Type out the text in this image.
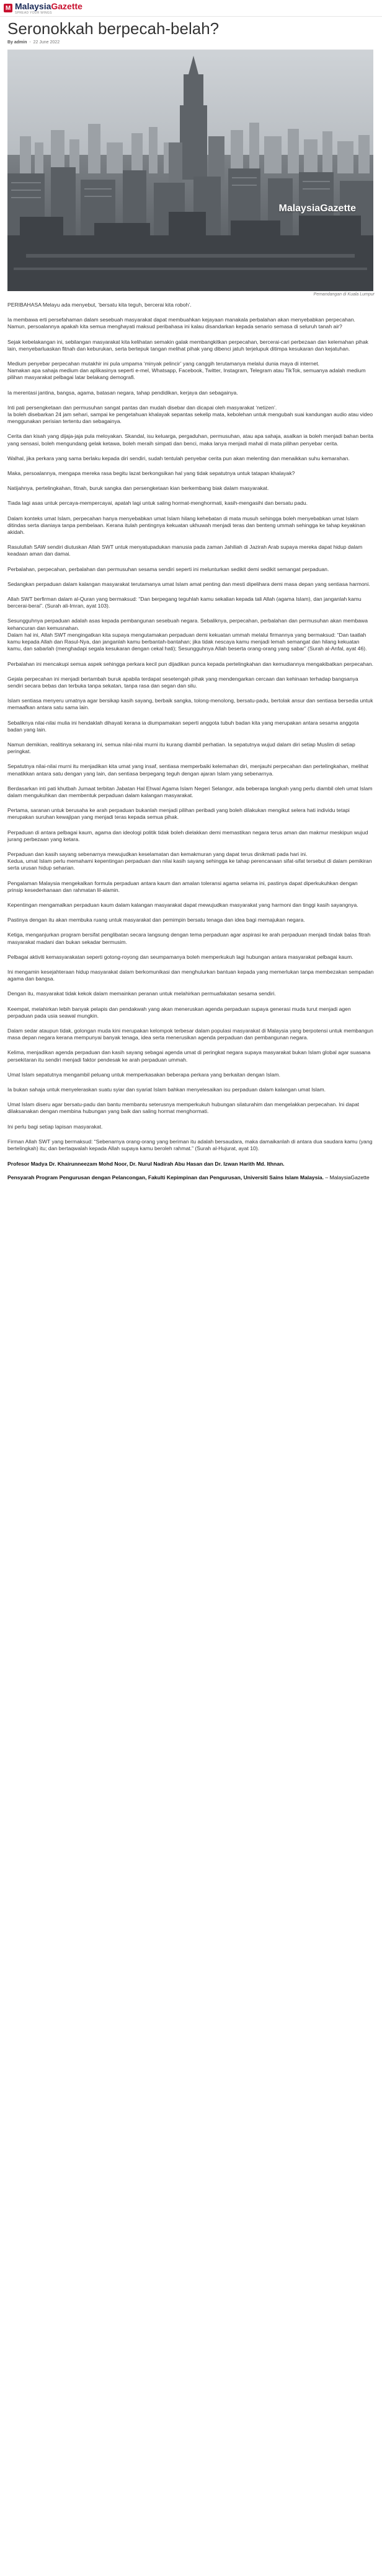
M MalaysiaGazette
SPREAD YOUR WINGS
Seronokkah berpecah-belah?
By admin  -  22 June 2022
MalaysiaGazette
Pemandangan di Kuala Lumpur

PERIBAHASA Melayu ada menyebut, ‘bersatu kita teguh, bercerai kita roboh’.

Ia membawa erti persefahaman dalam sesebuah masyarakat dapat membuahkan kejayaan manakala perbalahan akan menyebabkan perpecahan.
Namun, persoalannya apakah kita semua menghayati maksud peribahasa ini kalau disandarkan kepada senario semasa di seluruh tanah air?

Sejak kebelakangan ini, sebilangan masyarakat kita kelihatan semakin galak membangkitkan perpecahan, bercerai-cari perbezaan dan kelemahan pihak lain, menyebarluaskan fitnah dan keburukan, serta bertepuk tangan melihat pihak yang dibenci jatuh terjelupuk ditimpa kesukaran dan kejatuhan.

Medium penyebar perpecahan mutakhir ini pula umpama ‘minyak pelincir’ yang canggih terutamanya melalui dunia maya di internet.
Namakan apa sahaja medium dan aplikasinya seperti e-mel, Whatsapp, Facebook, Twitter, Instagram, Telegram atau TikTok, semuanya adalah medium pilihan masyarakat pelbagai latar belakang demografi.

Ia merentasi jantina, bangsa, agama, batasan negara, tahap pendidikan, kerjaya dan sebagainya.

Inti pati persengketaan dan permusuhan sangat pantas dan mudah disebar dan dicapai oleh masyarakat ‘netizen’.
Ia boleh disebarkan 24 jam sehari, sampai ke pengetahuan khalayak sepantas sekelip mata, kebolehan untuk mengubah suai kandungan audio atau video menggunakan perisian tertentu dan sebagainya.

Cerita dan kisah yang dijaja-jaja pula meloyakan. Skandal, isu keluarga, pergaduhan, permusuhan, atau apa sahaja, asalkan ia boleh menjadi bahan berita yang sensasi, boleh mengundang gelak ketawa, boleh meraih simpati dan benci, maka lanya menjadi mahal di mata pilihan penyebar cerita.

Walhal, jika perkara yang sama berlaku kepada diri sendiri, sudah tentulah penyebar cerita pun akan melenting dan menaikkan suhu kemarahan.

Maka, persoalannya, mengapa mereka rasa begitu lazat berkongsikan hal yang tidak sepatutnya untuk tatapan khalayak?

Natijahnya, pertelingkahan, fitnah, buruk sangka dan persengketaan kian berkembang biak dalam masyarakat.

Tiada lagi asas untuk percaya-mempercayai, apatah lagi untuk saling hormat-menghormati, kasih-mengasihi dan bersatu padu.

Dalam konteks umat Islam, perpecahan hanya menyebabkan umat Islam hilang kehebatan di mata musuh sehingga boleh menyebabkan umat Islam ditindas serta dianiaya tanpa pembelaan. Kerana itulah pentingnya kekuatan ukhuwah menjadi teras dan benteng ummah sehingga ke tahap keyakinan akidah.

Rasulullah SAW sendiri diutuskan Allah SWT untuk menyatupadukan manusia pada zaman Jahiliah di Jazirah Arab supaya mereka dapat hidup dalam keadaan aman dan damai.

Perbalahan, perpecahan, perbalahan dan permusuhan sesama sendiri seperti ini melunturkan sedikit demi sedikit semangat perpaduan.

Sedangkan perpaduan dalam kalangan masyarakat terutamanya umat Islam amat penting dan mesti dipelihara demi masa depan yang sentiasa harmoni.

Allah SWT berfirman dalam al-Quran yang bermaksud: “Dan berpegang teguhlah kamu sekalian kepada tali Allah (agama Islam), dan janganlah kamu bercerai-berai”. (Surah ali-Imran, ayat 103).

Sesungguhnya perpaduan adalah asas kepada pembangunan sesebuah negara. Sebaliknya, perpecahan, perbalahan dan permusuhan akan membawa kehancuran dan kemusnahan.
Dalam hal ini, Allah SWT mengingatkan kita supaya mengutamakan perpaduan demi kekuatan ummah melalui firmannya yang bermaksud: “Dan taatlah kamu kepada Allah dan Rasul-Nya, dan janganlah kamu berbantah-bantahan; jika tidak nescaya kamu menjadi lemah semangat dan hilang kekuatan kamu, dan sabarlah (menghadapi segala kesukaran dengan cekal hati); Sesungguhnya Allah beserta orang-orang yang sabar” (Surah al-Anfal, ayat 46).

Perbalahan ini mencakupi semua aspek sehingga perkara kecil pun dijadikan punca kepada pertelingkahan dan kemudiannya mengakibatkan perpecahan.

Gejala perpecahan ini menjadi bertambah buruk apabila terdapat sesetengah pihak yang mendengarkan cercaan dan kehinaan terhadap bangsanya sendiri secara bebas dan terbuka tanpa sekatan, tanpa rasa dan segan dan silu.

Islam sentiasa menyeru umatnya agar bersikap kasih sayang, berbaik sangka, tolong-menolong, bersatu-padu, bertolak ansur dan sentiasa bersedia untuk memaafkan antara satu sama lain.

Sebaliknya nilai-nilai mulia ini hendaklah dihayati kerana ia diumpamakan seperti anggota tubuh badan kita yang merupakan antara sesama anggota badan yang lain.

Namun demikian, realitinya sekarang ini, semua nilai-nilai murni itu kurang diambil perhatian. Ia sepatutnya wujud dalam diri setiap Muslim di setiap peringkat.

Sepatutnya nilai-nilai murni itu menjadikan kita umat yang insaf, sentiasa memperbaiki kelemahan diri, menjauhi perpecahan dan pertelingkahan, melihat menatikkan antara satu dengan yang lain, dan sentiasa berpegang teguh dengan ajaran Islam yang sebenarnya.

Berdasarkan inti pati khutbah Jumaat terbitan Jabatan Hal Ehwal Agama Islam Negeri Selangor, ada beberapa langkah yang perlu diambil oleh umat Islam dalam mengukuhkan dan membentuk perpaduan dalam kalangan masyarakat.

Pertama, saranan untuk berusaha ke arah perpaduan bukanlah menjadi pilihan peribadi yang boleh dilakukan mengikut selera hati individu tetapi merupakan suruhan kewajipan yang menjadi teras kepada semua pihak.

Perpaduan di antara pelbagai kaum, agama dan ideologi politik tidak boleh dielakkan demi memastikan negara terus aman dan makmur meskipun wujud jurang perbezaan yang ketara.

Perpaduan dan kasih sayang sebenarnya mewujudkan keselamatan dan kemakmuran yang dapat terus dinikmati pada hari ini.
Kedua, umat Islam perlu memahami kepentingan perpaduan dan nilai kasih sayang sehingga ke tahap perencanaan sifat-sifat tersebut di dalam pemikiran serta urusan hidup seharian.

Pengalaman Malaysia mengekalkan formula perpaduan antara kaum dan amalan toleransi agama selama ini, pastinya dapat diperkukuhkan dengan prinsip kesederhanaan dan rahmatan lil-alamin.

Kepentingan mengamalkan perpaduan kaum dalam kalangan masyarakat dapat mewujudkan masyarakat yang harmoni dan tinggi kasih sayangnya.

Pastinya dengan itu akan membuka ruang untuk masyarakat dan pemimpin bersatu tenaga dan idea bagi memajukan negara.

Ketiga, menganjurkan program bersifat penglibatan secara langsung dengan tema perpaduan agar aspirasi ke arah perpaduan menjadi tindak balas fitrah masyarakat madani dan bukan sekadar bermusim.

Pelbagai aktiviti kemasyarakatan seperti gotong-royong dan seumpamanya boleh memperkukuh lagi hubungan antara masyarakat pelbagai kaum.

Ini mengamin kesejahteraan hidup masyarakat dalam berkomunikasi dan menghulurkan bantuan kepada yang memerlukan tanpa membezakan sempadan agama dan bangsa.

Dengan itu, masyarakat tidak kekok dalam memainkan peranan untuk melahirkan permuafakatan sesama sendiri.

Keempat, melahirkan lebih banyak pelapis dan pendakwah yang akan meneruskan agenda perpaduan supaya generasi muda turut menjadi agen perpaduan pada usia seawal mungkin.

Dalam sedar ataupun tidak, golongan muda kini merupakan kelompok terbesar dalam populasi masyarakat di Malaysia yang berpotensi untuk membangun masa depan negara kerana mempunyai banyak tenaga, idea serta menerusikan agenda perpaduan dan pembangunan negara.

Kelima, menjadikan agenda perpaduan dan kasih sayang sebagai agenda umat di peringkat negara supaya masyarakat bukan Islam global agar suasana persekitaran itu sendiri menjadi faktor pendesak ke arah perpaduan ummah.

Umat Islam sepatutnya mengambil peluang untuk memperkasakan beberapa perkara yang berkaitan dengan Islam.

Ia bukan sahaja untuk menyeleraskan suatu syiar dan syariat Islam bahkan menyelesaikan isu perpaduan dalam kalangan umat Islam.

Umat Islam diseru agar bersatu-padu dan bantu membantu seterusnya memperkukuh hubungan silaturahim dan mengelakkan perpecahan. Ini dapat dilaksanakan dengan membina hubungan yang baik dan saling hormat menghormati.

Ini perlu bagi setiap lapisan masyarakat.

Firman Allah SWT yang bermaksud: “Sebenarnya orang-orang yang beriman itu adalah bersaudara, maka damaikanlah di antara dua saudara kamu (yang bertelingkah) itu; dan bertaqwalah kepada Allah supaya kamu beroleh rahmat.” (Surah al-Hujurat, ayat 10).

Profesor Madya Dr. Khairunneezam Mohd Noor, Dr. Nurul Nadirah Abu Hasan dan Dr. Izwan Harith Md. Ithnan.
Pensyarah Program Pengurusan dengan Pelancongan, Fakulti Kepimpinan dan Pengurusan, Universiti Sains Islam Malaysia. – MalaysiaGazette
